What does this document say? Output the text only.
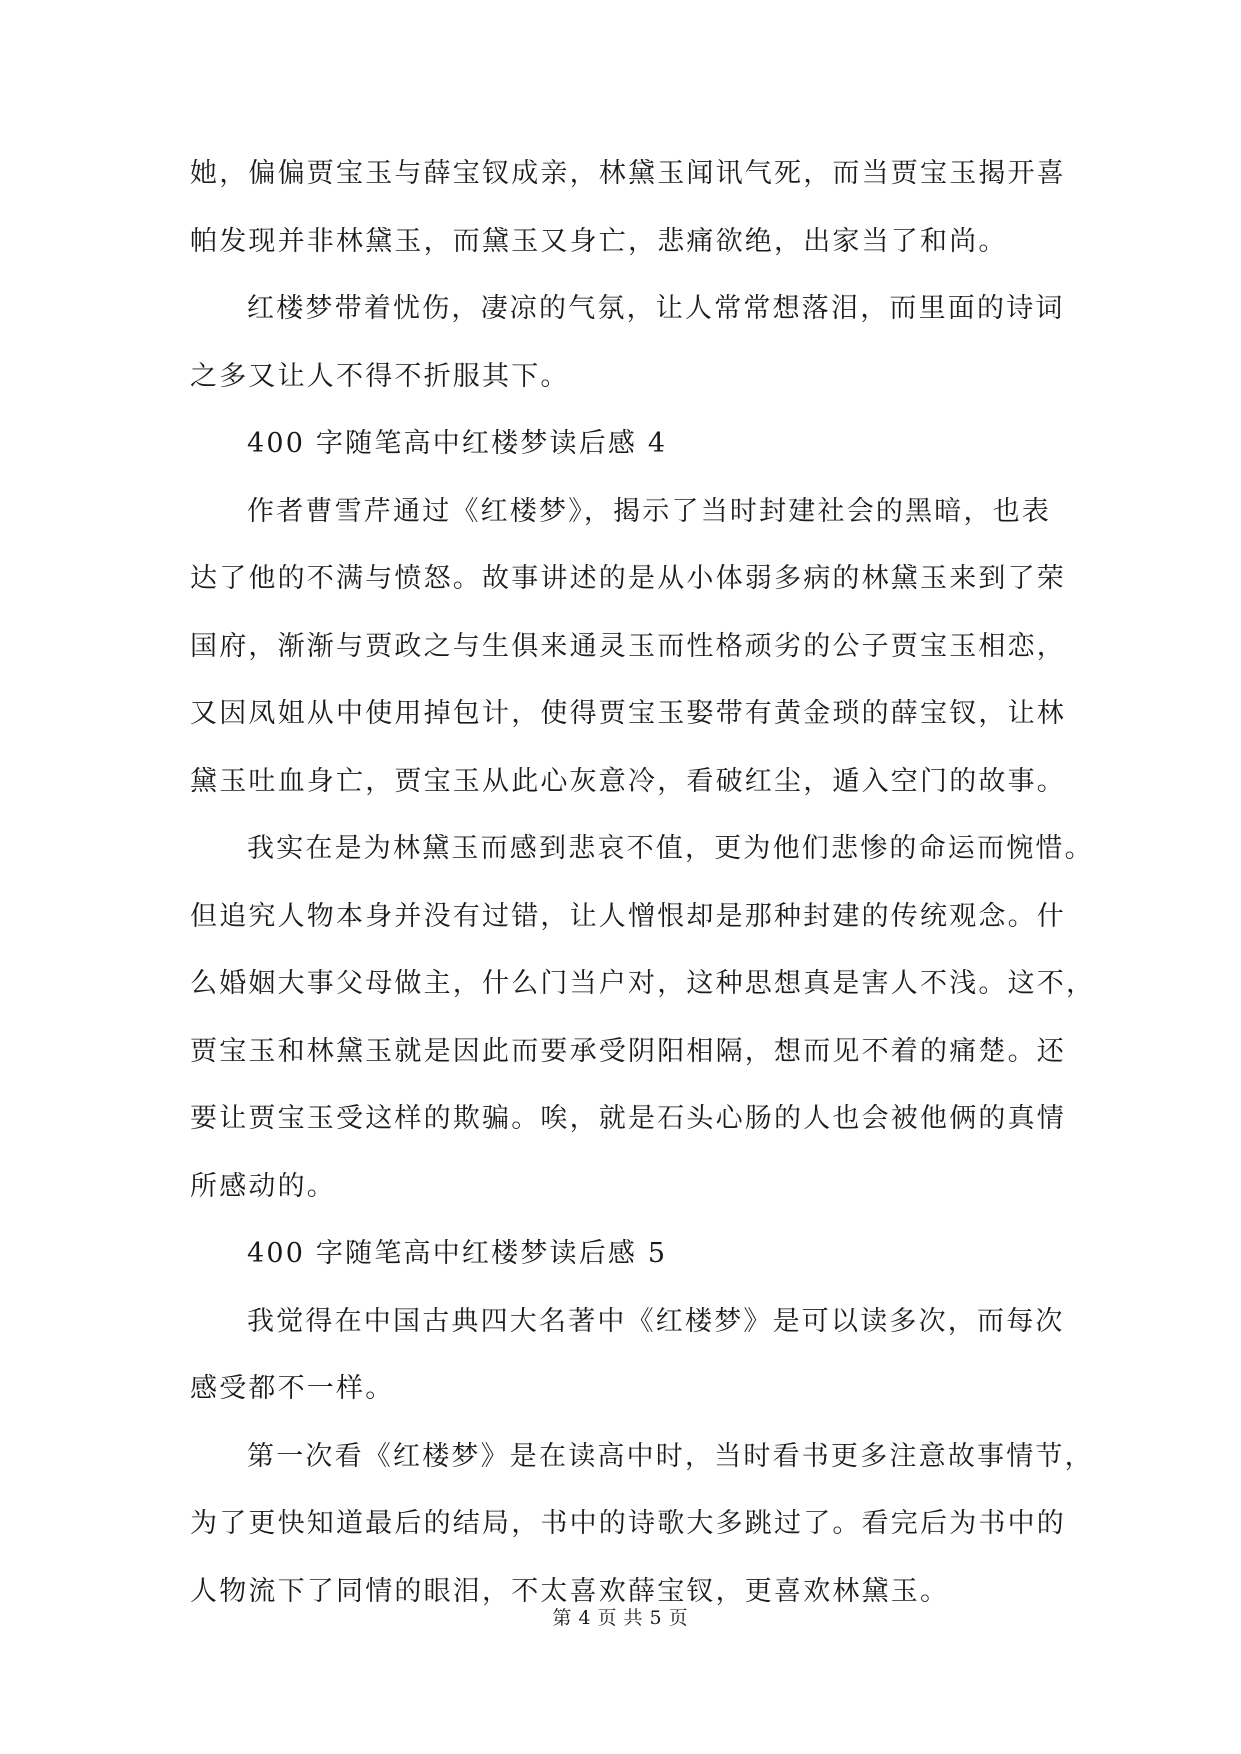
她，偏偏贾宝玉与薛宝钗成亲，林黛玉闻讯气死，而当贾宝玉揭开喜
帕发现并非林黛玉，而黛玉又身亡，悲痛欲绝，出家当了和尚。
红楼梦带着忧伤，凄凉的气氛，让人常常想落泪，而里面的诗词
之多又让人不得不折服其下。
400 字随笔高中红楼梦读后感 4
作者曹雪芹通过《红楼梦》，揭示了当时封建社会的黑暗，也表
达了他的不满与愤怒。故事讲述的是从小体弱多病的林黛玉来到了荣
国府，渐渐与贾政之与生俱来通灵玉而性格顽劣的公子贾宝玉相恋，
又因凤姐从中使用掉包计，使得贾宝玉娶带有黄金琐的薛宝钗，让林
黛玉吐血身亡，贾宝玉从此心灰意冷，看破红尘，遁入空门的故事。
我实在是为林黛玉而感到悲哀不值，更为他们悲惨的命运而惋惜。
但追究人物本身并没有过错，让人憎恨却是那种封建的传统观念。什
么婚姻大事父母做主，什么门当户对，这种思想真是害人不浅。这不，
贾宝玉和林黛玉就是因此而要承受阴阳相隔，想而见不着的痛楚。还
要让贾宝玉受这样的欺骗。唉，就是石头心肠的人也会被他俩的真情
所感动的。
400 字随笔高中红楼梦读后感 5
我觉得在中国古典四大名著中《红楼梦》是可以读多次，而每次
感受都不一样。
第一次看《红楼梦》是在读高中时，当时看书更多注意故事情节，
为了更快知道最后的结局，书中的诗歌大多跳过了。看完后为书中的
人物流下了同情的眼泪，不太喜欢薛宝钗，更喜欢林黛玉。
第 4 页 共 5 页
